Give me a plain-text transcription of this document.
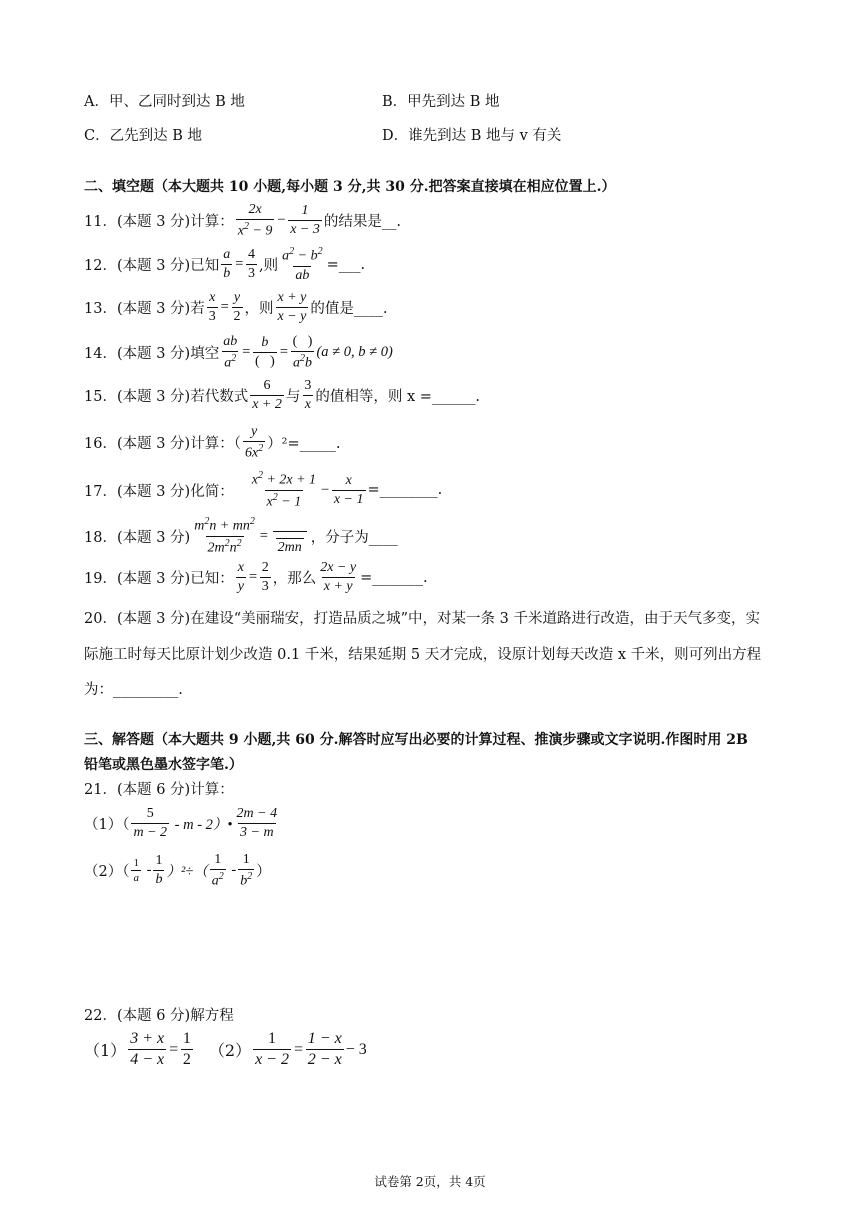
A．甲、乙同时到达 B 地	B．甲先到达 B 地
C．乙先到达 B 地	D．谁先到达 B 地与 v 有关
二、填空题（本大题共 10 小题,每小题 3 分,共 30 分.把答案直接填在相应位置上.）
11．(本题 3 分)计算： $\frac{2x}{x^2 - 9} - \frac{1}{x - 3}$ 的结果是__.
12．(本题 3 分)已知 $\frac{a}{b} = \frac{4}{3}$ ,则 $\frac{a^2 - b^2}{ab}$ =___.
13．(本题 3 分)若 $\frac{x}{3} = \frac{y}{2}$ ，则 $\frac{x + y}{x - y}$ 的值是____.
14．(本题 3 分)填空 $\frac{ab}{a^2} = \frac{b}{( )} = \frac{( )}{a^2b} (a \ne 0$, b ≠ 0)
15．(本题 3 分)若代数式 $\frac{6}{x + 2}$ 与 $\frac{3}{x}$ 的值相等，则 x =______.
16．(本题 3 分)计算：（ $\frac{y}{6x^2}$ ）²=_____.
17．(本题 3 分)化简： $\frac{x^2 + 2x + 1}{x^2 - 1} - \frac{x}{x - 1}$ =________.
18．(本题 3 分) $\frac{m^2n + mn^2}{2m^2n^2}$ =
2mn
，分子为____
19．(本题 3 分)已知： $\frac{x}{y} = \frac{2}{3}$ ，那么 $\frac{2x - y}{x + y}$ =_______.
20．(本题 3 分)在建设“美丽瑞安，打造品质之城”中，对某一条 3 千米道路进行改造，由于天气多变，实
际施工时每天比原计划少改造 0.1 千米，结果延期 5 天才完成，设原计划每天改造 x 千米，则可列出方程
为：_________.
三、解答题（本大题共 9 小题,共 60 分.解答时应写出必要的计算过程、推演步骤或文字说明.作图时用 2B
铅笔或黑色墨水签字笔.）
21．(本题 6 分)计算：
$(1)( \frac{5}{m - 2}$ - m - 2）• $\frac{2m - 4}{3 - m}$
$(2)( \frac{1}{a} - \frac{1}{b} )^2\div( \frac{1}{a^2} - \frac{1}{b^2}$ ）
22．(本题 6 分)解方程
$(1) \frac{3 + x}{4 - x} = \frac{1}{2} (2) \frac{1}{x - 2} = \frac{1 - x}{2 - x} - 3$
试卷第 2页，共 4页
